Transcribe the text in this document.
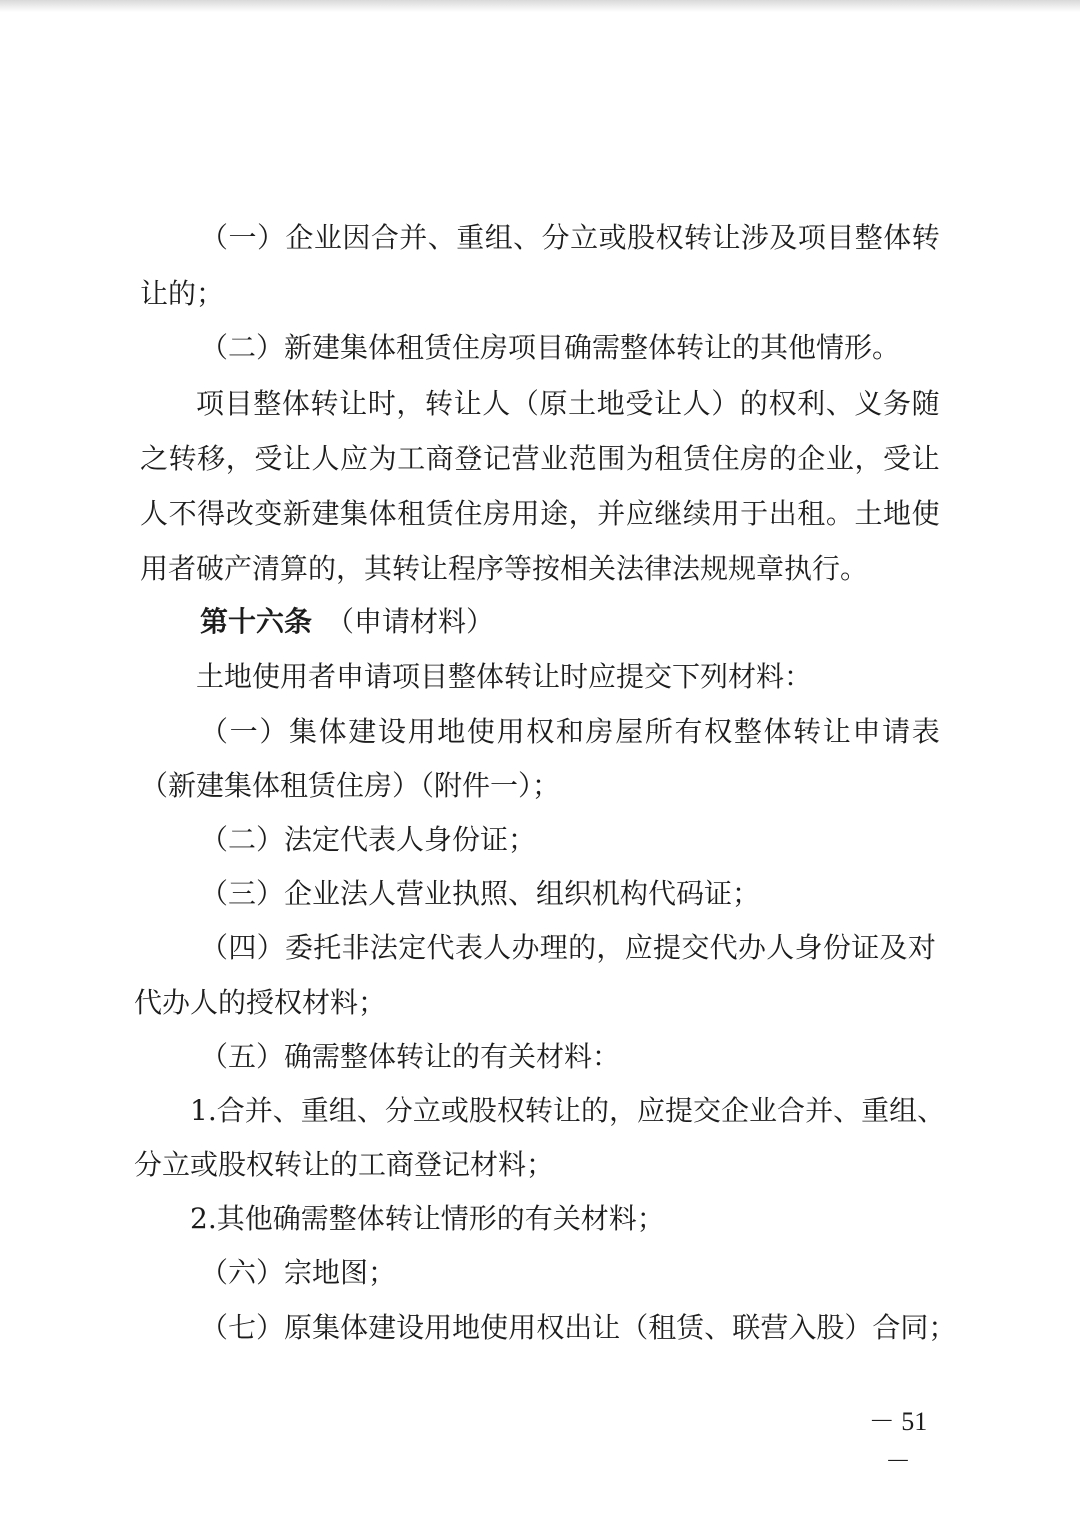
（ 一 ） 企 业 因 合 并 、 重 组 、 分 立 或 股 权 转 让 涉 及 项 目 整 体 转
让的；
（二）新建集体租赁住房项目确需整体转让的其他情形。
项 目 整 体 转 让 时 ， 转 让 人 （ 原 土 地 受 让 人 ） 的 权 利 、 义 务 随
之 转 移 ， 受 让 人 应 为 工 商 登 记 营 业 范 围 为 租 赁 住 房 的 企 业 ， 受 让
人 不 得 改 变 新 建 集 体 租 赁 住 房 用 途 ， 并 应 继 续 用 于 出 租 。 土 地 使
用者破产清算的，其转让程序等按相关法律法规规章执行。
第十六条 （申请材料）
土地使用者申请项目整体转让时应提交下列材料：
（ 一 ） 集 体 建 设 用 地 使 用 权 和 房 屋 所 有 权 整 体 转 让 申 请 表
（新建集体租赁住房）（附件一）；
（二）法定代表人身份证；
（三）企业法人营业执照、组织机构代码证；
（ 四 ） 委 托 非 法 定 代 表 人 办 理 的 ， 应 提 交 代 办 人 身 份 证 及 对
代办人的授权材料；
（五）确需整体转让的有关材料：
1 . 合 并 、 重 组 、 分 立 或 股 权 转 让 的 ， 应 提 交 企 业 合 并 、 重 组 、
分立或股权转让的工商登记材料；
2.其他确需整体转让情形的有关材料；
（六）宗地图；
（ 七 ） 原 集 体 建 设 用 地 使 用 权 出 让 （ 租 赁 、 联 营 入 股 ） 合 同 ；
－ 51 －
